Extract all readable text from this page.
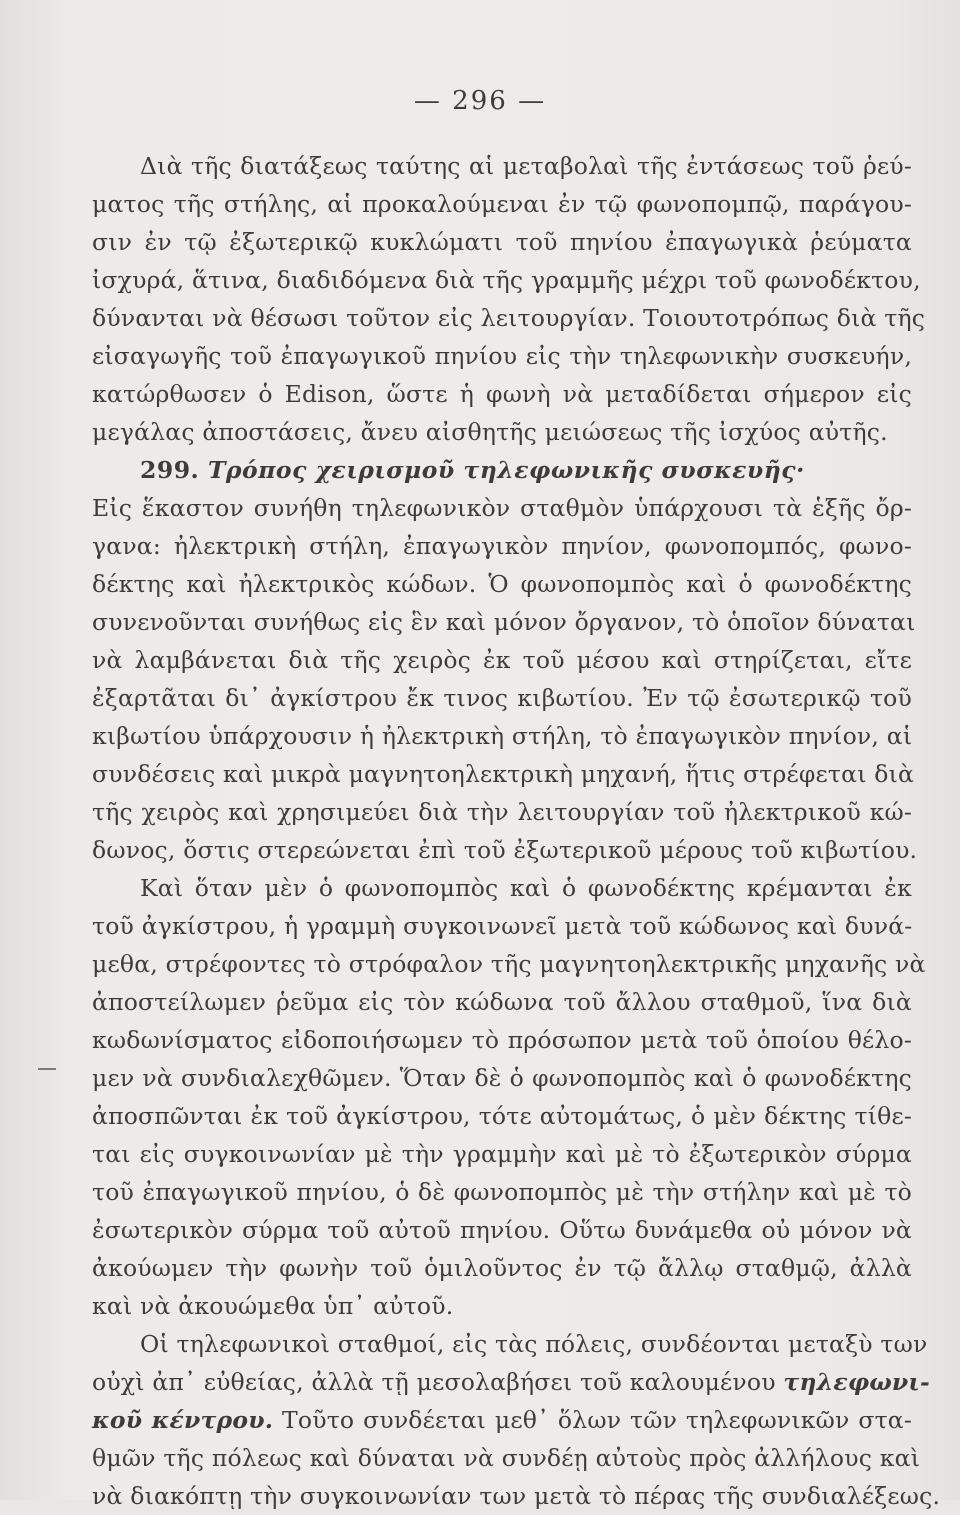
— 296 —
Διὰ τῆς διατάξεως ταύτης αἱ μεταβολαὶ τῆς ἐντάσεως τοῦ ῥεύ-
ματος τῆς στήλης, αἱ προκαλούμεναι ἐν τῷ φωνοπομπῷ, παράγου-
σιν ἐν τῷ ἐξωτερικῷ κυκλώματι τοῦ πηνίου ἐπαγωγικὰ ῥεύματα
ἰσχυρά, ἅτινα, διαδιδόμενα διὰ τῆς γραμμῆς μέχρι τοῦ φωνοδέκτου,
δύνανται νὰ θέσωσι τοῦτον εἰς λειτουργίαν. Τοιουτοτρόπως διὰ τῆς
εἰσαγωγῆς τοῦ ἐπαγωγικοῦ πηνίου εἰς τὴν τηλεφωνικὴν συσκευήν,
κατώρθωσεν ὁ Edison, ὥστε ἡ φωνὴ νὰ μεταδίδεται σήμερον εἰς
μεγάλας ἀποστάσεις, ἄνευ αἰσθητῆς μειώσεως τῆς ἰσχύος αὐτῆς.
299. Τρόπος χειρισμοῦ τηλεφωνικῆς συσκευῆς·
Εἰς ἕκαστον συνήθη τηλεφωνικὸν σταθμὸν ὑπάρχουσι τὰ ἑξῆς ὄρ-
γανα: ἠλεκτρικὴ στήλη, ἐπαγωγικὸν πηνίον, φωνοπομπός, φωνο-
δέκτης καὶ ἠλεκτρικὸς κώδων. Ὁ φωνοπομπὸς καὶ ὁ φωνοδέκτης
συνενοῦνται συνήθως εἰς ἓν καὶ μόνον ὄργανον, τὸ ὁποῖον δύναται
νὰ λαμβάνεται διὰ τῆς χειρὸς ἐκ τοῦ μέσου καὶ στηρίζεται, εἴτε
ἐξαρτᾶται δι᾽ ἀγκίστρου ἔκ τινος κιβωτίου. Ἐν τῷ ἐσωτερικῷ τοῦ
κιβωτίου ὑπάρχουσιν ἡ ἠλεκτρικὴ στήλη, τὸ ἐπαγωγικὸν πηνίον, αἱ
συνδέσεις καὶ μικρὰ μαγνητοηλεκτρικὴ μηχανή, ἥτις στρέφεται διὰ
τῆς χειρὸς καὶ χρησιμεύει διὰ τὴν λειτουργίαν τοῦ ἠλεκτρικοῦ κώ-
δωνος, ὅστις στερεώνεται ἐπὶ τοῦ ἐξωτερικοῦ μέρους τοῦ κιβωτίου.
Καὶ ὅταν μὲν ὁ φωνοπομπὸς καὶ ὁ φωνοδέκτης κρέμανται ἐκ
τοῦ ἀγκίστρου, ἡ γραμμὴ συγκοινωνεῖ μετὰ τοῦ κώδωνος καὶ δυνά-
μεθα, στρέφοντες τὸ στρόφαλον τῆς μαγνητοηλεκτρικῆς μηχανῆς νὰ
ἀποστείλωμεν ῥεῦμα εἰς τὸν κώδωνα τοῦ ἄλλου σταθμοῦ, ἵνα διὰ
κωδωνίσματος εἰδοποιήσωμεν τὸ πρόσωπον μετὰ τοῦ ὁποίου θέλο-
μεν νὰ συνδιαλεχθῶμεν. Ὅταν δὲ ὁ φωνοπομπὸς καὶ ὁ φωνοδέκτης
ἀποσπῶνται ἐκ τοῦ ἀγκίστρου, τότε αὐτομάτως, ὁ μὲν δέκτης τίθε-
ται εἰς συγκοινωνίαν μὲ τὴν γραμμὴν καὶ μὲ τὸ ἐξωτερικὸν σύρμα
τοῦ ἐπαγωγικοῦ πηνίου, ὁ δὲ φωνοπομπὸς μὲ τὴν στήλην καὶ μὲ τὸ
ἐσωτερικὸν σύρμα τοῦ αὐτοῦ πηνίου. Οὕτω δυνάμεθα οὐ μόνον νὰ
ἀκούωμεν τὴν φωνὴν τοῦ ὁμιλοῦντος ἐν τῷ ἄλλῳ σταθμῷ, ἀλλὰ
καὶ νὰ ἀκουώμεθα ὑπ᾽ αὐτοῦ.
Οἱ τηλεφωνικοὶ σταθμοί, εἰς τὰς πόλεις, συνδέονται μεταξὺ των
οὐχὶ ἀπ᾽ εὐθείας, ἀλλὰ τῇ μεσολαβήσει τοῦ καλουμένου τηλεφωνι-
κοῦ κέντρου. Τοῦτο συνδέεται μεθ᾽ ὅλων τῶν τηλεφωνικῶν στα-
θμῶν τῆς πόλεως καὶ δύναται νὰ συνδέῃ αὐτοὺς πρὸς ἀλλήλους καὶ
νὰ διακόπτῃ τὴν συγκοινωνίαν των μετὰ τὸ πέρας τῆς συνδιαλέξεως.
